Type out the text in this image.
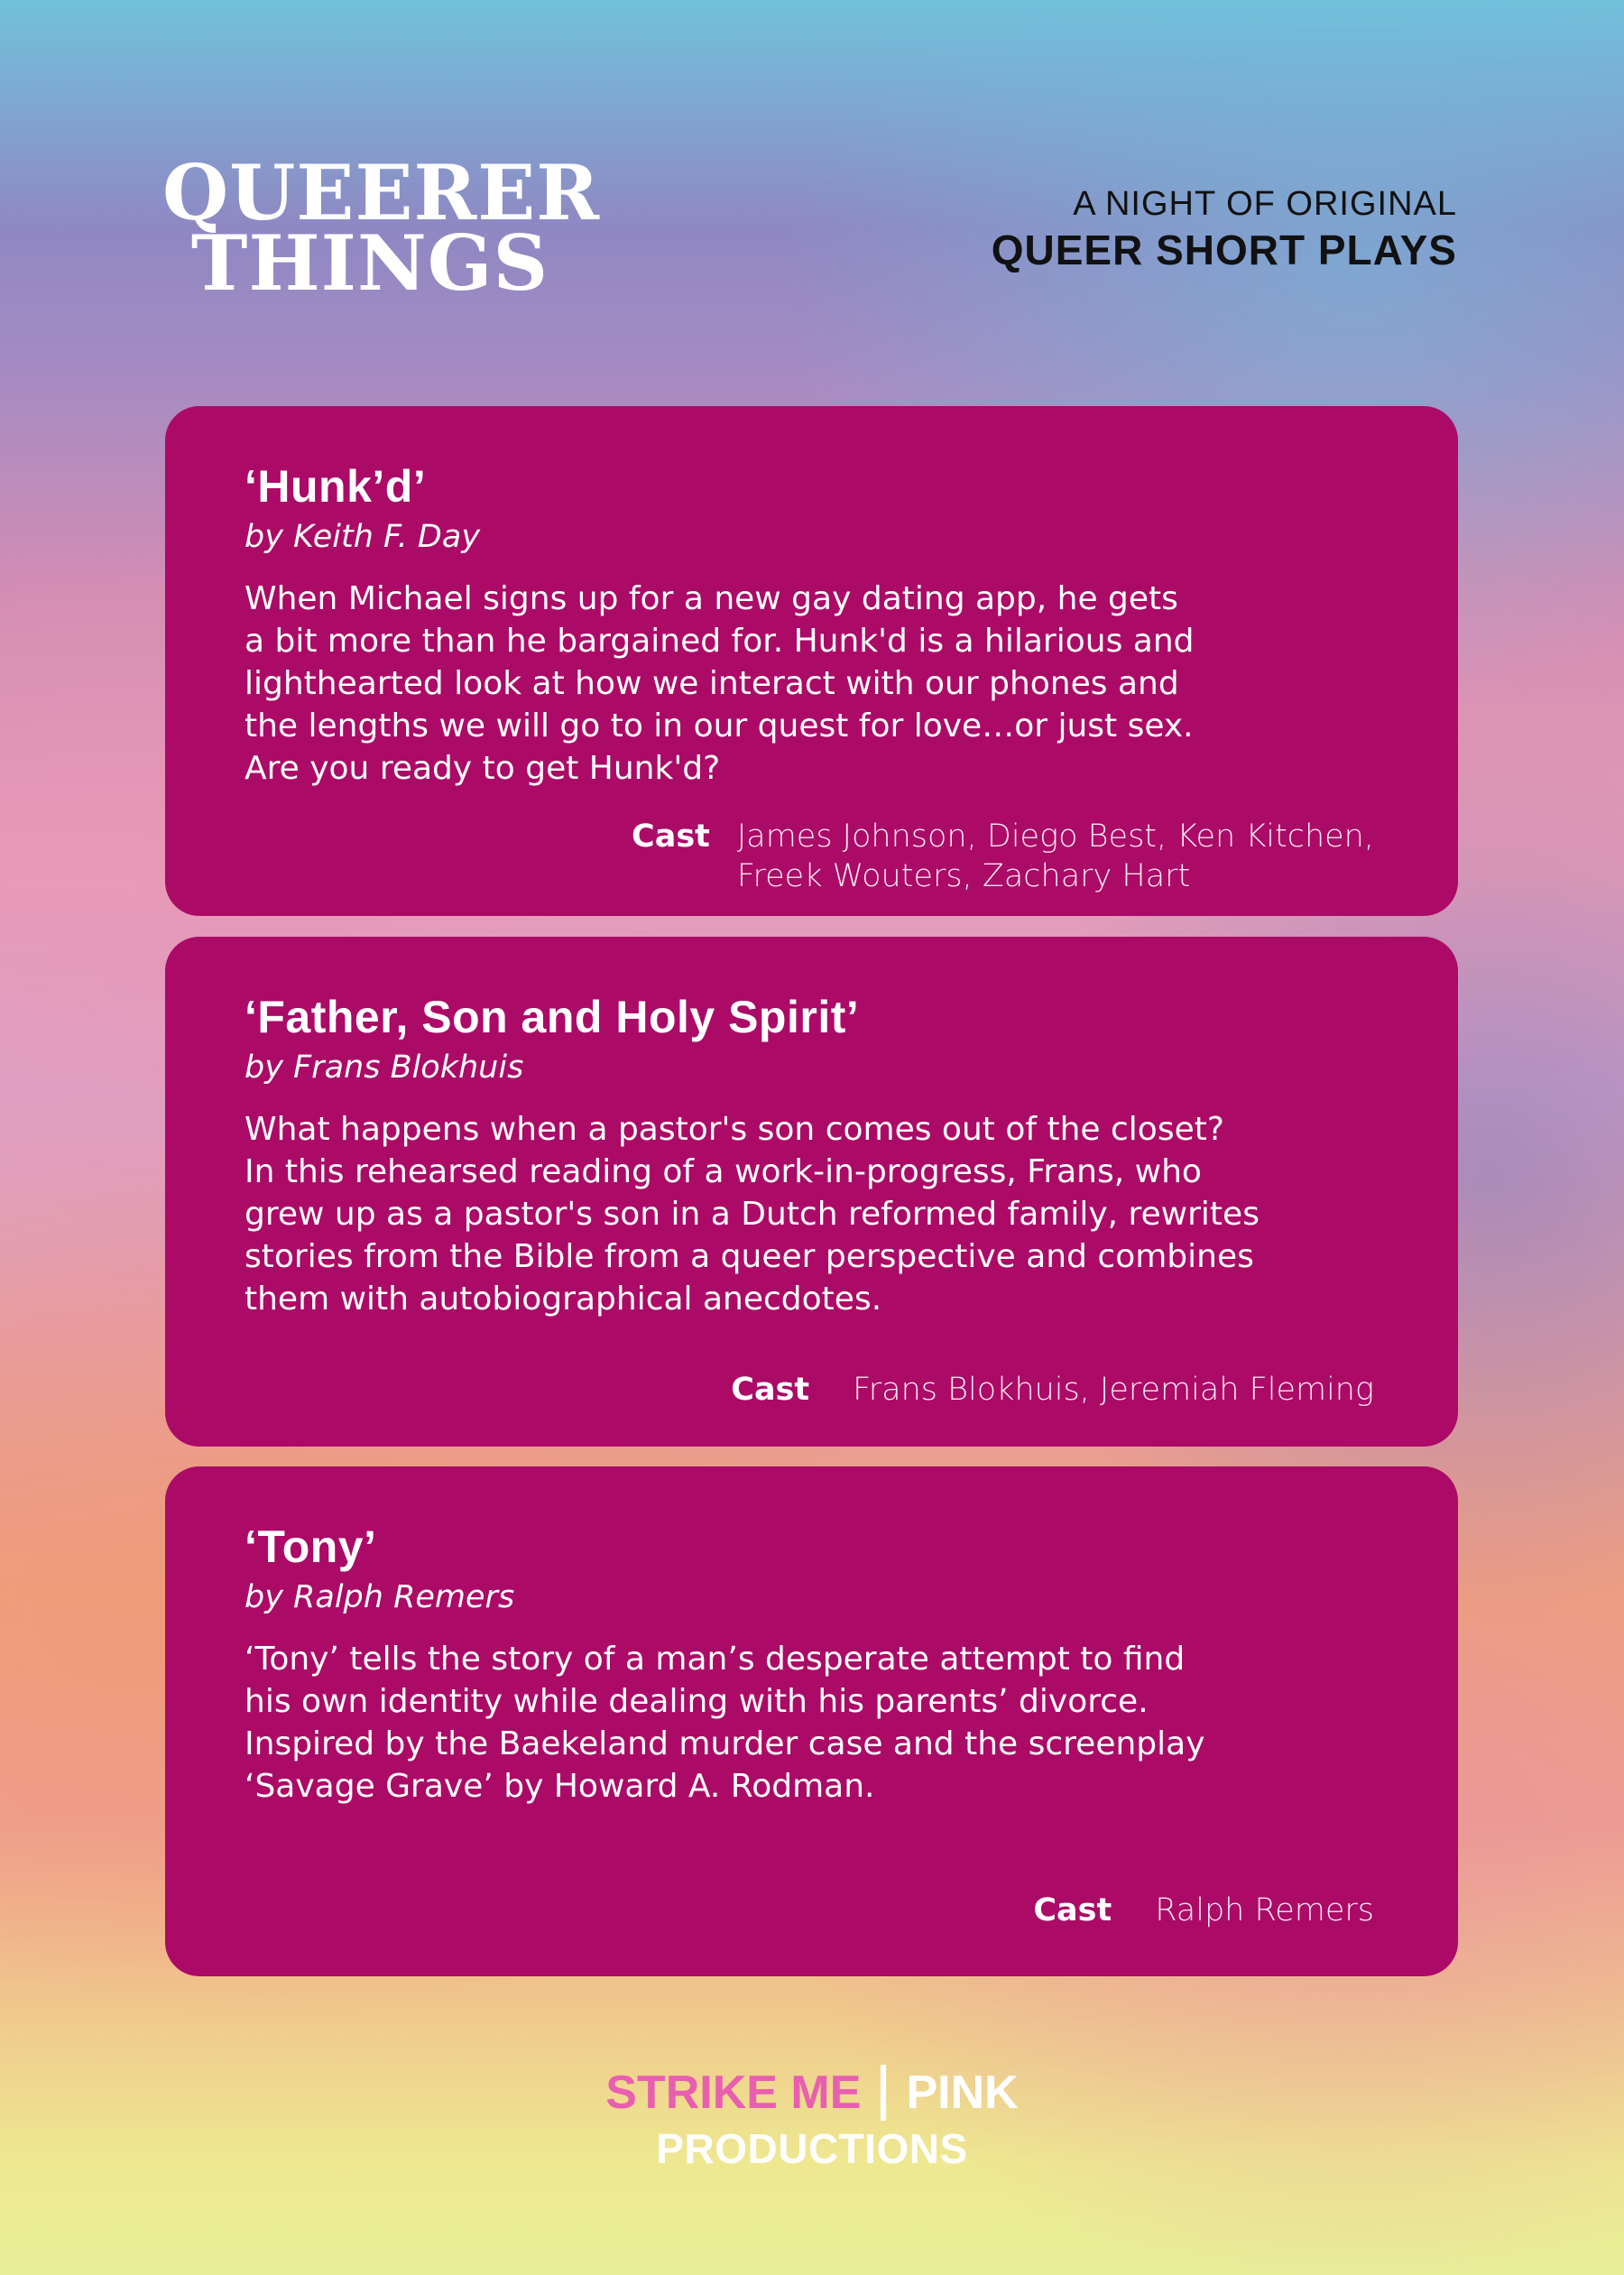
QUEERER
THINGS
A NIGHT OF ORIGINAL
QUEER SHORT PLAYS
‘Hunk’d’
by Keith F. Day
When Michael signs up for a new gay dating app, he gets
a bit more than he bargained for. Hunk'd is a hilarious and
lighthearted look at how we interact with our phones and
the lengths we will go to in our quest for love…or just sex.
Are you ready to get Hunk'd?
Cast James Johnson, Diego Best, Ken Kitchen,
Freek Wouters, Zachary Hart
‘Father, Son and Holy Spirit’
by Frans Blokhuis
What happens when a pastor's son comes out of the closet?
In this rehearsed reading of a work-in-progress, Frans, who
grew up as a pastor's son in a Dutch reformed family, rewrites
stories from the Bible from a queer perspective and combines
them with autobiographical anecdotes.
Cast Frans Blokhuis, Jeremiah Fleming
‘Tony’
by Ralph Remers
‘Tony’ tells the story of a man’s desperate attempt to find
his own identity while dealing with his parents’ divorce.
Inspired by the Baekeland murder case and the screenplay
‘Savage Grave’ by Howard A. Rodman.
Cast Ralph Remers
STRIKE ME PINK
PRODUCTIONS
